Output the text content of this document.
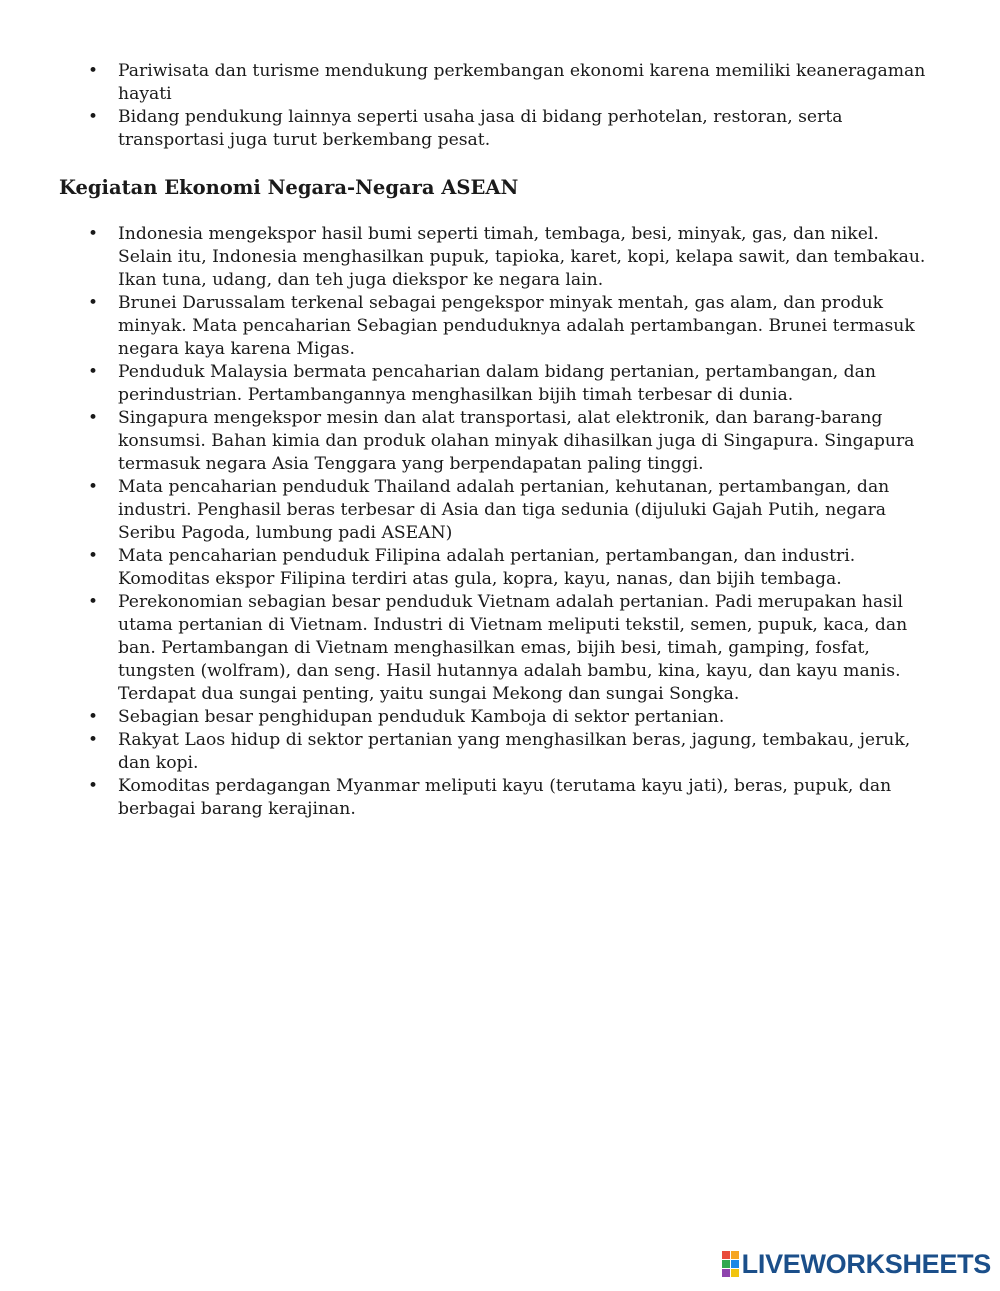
• Pariwisata dan turisme mendukung perkembangan ekonomi karena memiliki keaneragaman hayati
• Bidang pendukung lainnya seperti usaha jasa di bidang perhotelan, restoran, serta transportasi juga turut berkembang pesat.
Kegiatan Ekonomi Negara-Negara ASEAN
• Indonesia mengekspor hasil bumi seperti timah, tembaga, besi, minyak, gas, dan nikel. Selain itu, Indonesia menghasilkan pupuk, tapioka, karet, kopi, kelapa sawit, dan tembakau. Ikan tuna, udang, dan teh juga diekspor ke negara lain.
• Brunei Darussalam terkenal sebagai pengekspor minyak mentah, gas alam, dan produk minyak. Mata pencaharian Sebagian penduduknya adalah pertambangan. Brunei termasuk negara kaya karena Migas.
• Penduduk Malaysia bermata pencaharian dalam bidang pertanian, pertambangan, dan perindustrian. Pertambangannya menghasilkan bijih timah terbesar di dunia.
• Singapura mengekspor mesin dan alat transportasi, alat elektronik, dan barang-barang konsumsi. Bahan kimia dan produk olahan minyak dihasilkan juga di Singapura. Singapura termasuk negara Asia Tenggara yang berpendapatan paling tinggi.
• Mata pencaharian penduduk Thailand adalah pertanian, kehutanan, pertambangan, dan industri. Penghasil beras terbesar di Asia dan tiga sedunia (dijuluki Gajah Putih, negara Seribu Pagoda, lumbung padi ASEAN)
• Mata pencaharian penduduk Filipina adalah pertanian, pertambangan, dan industri. Komoditas ekspor Filipina terdiri atas gula, kopra, kayu, nanas, dan bijih tembaga.
• Perekonomian sebagian besar penduduk Vietnam adalah pertanian. Padi merupakan hasil utama pertanian di Vietnam. Industri di Vietnam meliputi tekstil, semen, pupuk, kaca, dan ban. Pertambangan di Vietnam menghasilkan emas, bijih besi, timah, gamping, fosfat, tungsten (wolfram), dan seng. Hasil hutannya adalah bambu, kina, kayu, dan kayu manis. Terdapat dua sungai penting, yaitu sungai Mekong dan sungai Songka.
• Sebagian besar penghidupan penduduk Kamboja di sektor pertanian.
• Rakyat Laos hidup di sektor pertanian yang menghasilkan beras, jagung, tembakau, jeruk, dan kopi.
• Komoditas perdagangan Myanmar meliputi kayu (terutama kayu jati), beras, pupuk, dan berbagai barang kerajinan.
LIVEWORKSHEETS
